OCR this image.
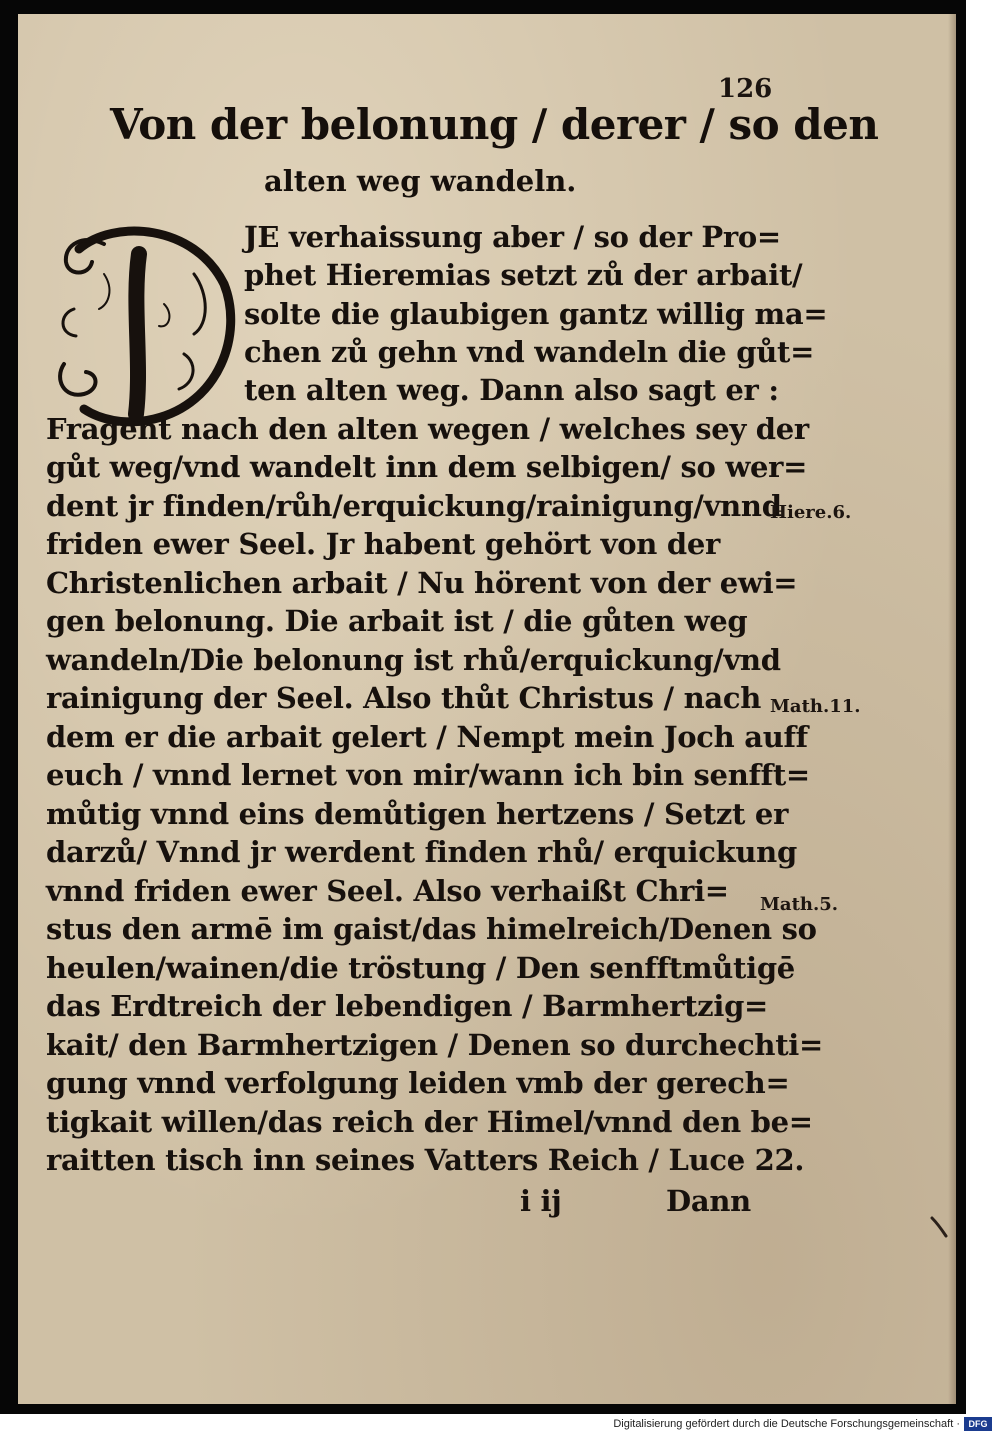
126
Von der belonung / derer / so den
alten weg wandeln.
JE verhaissung aber / so der Pro=
phet Hieremias setzt zů der arbait/
solte die glaubigen gantz willig ma=
chen zů gehn vnd wandeln die gůt=
ten alten weg. Dann also sagt er :
Fragent nach den alten wegen / welches sey der
gůt weg/vnd wandelt inn dem selbigen/ so wer=
dent jr finden/růh/erquickung/rainigung/vnnd
friden ewer Seel. Jr habent gehört von der
Christenlichen arbait / Nu hörent von der ewi=
gen belonung. Die arbait ist / die gůten weg
wandeln/Die belonung ist rhů/erquickung/vnd
rainigung der Seel. Also thůt Christus / nach
dem er die arbait gelert / Nempt mein Joch auff
euch / vnnd lernet von mir/wann ich bin senfft=
můtig vnnd eins demůtigen hertzens / Setzt er
darzů/ Vnnd jr werdent finden rhů/ erquickung
vnnd friden ewer Seel. Also verhaißt Chri=
stus den armē im gaist/das himelreich/Denen so
heulen/wainen/die tröstung / Den senfftmůtigē
das Erdtreich der lebendigen / Barmhertzig=
kait/ den Barmhertzigen / Denen so durchechti=
gung vnnd verfolgung leiden vmb der gerech=
tigkait willen/das reich der Himel/vnnd den be=
raitten tisch inn seines Vatters Reich / Luce 22.
i ij	Dann
Hiere.6.
Math.11.
Math.5.
Digitalisierung gefördert durch die Deutsche Forschungsgemeinschaft · DFG
